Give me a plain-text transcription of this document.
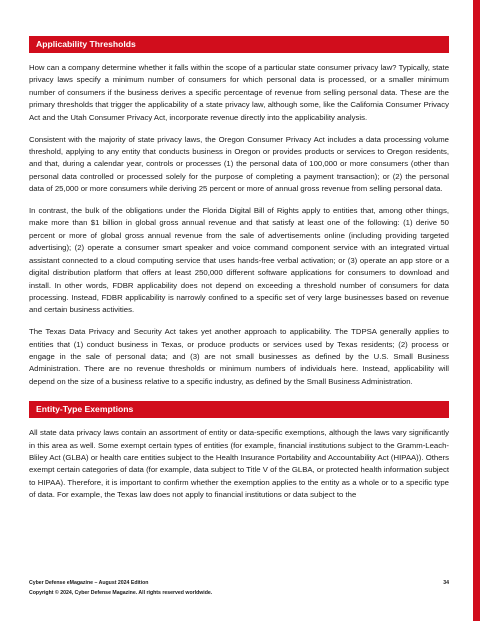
Applicability Thresholds

How can a company determine whether it falls within the scope of a particular state consumer privacy law? Typically, state privacy laws specify a minimum number of consumers for which personal data is processed, or a smaller minimum number of consumers if the business derives a specific percentage of revenue from selling personal data. These are the primary thresholds that trigger the applicability of a state privacy law, although some, like the California Consumer Privacy Act and the Utah Consumer Privacy Act, incorporate revenue directly into the applicability analysis.

Consistent with the majority of state privacy laws, the Oregon Consumer Privacy Act includes a data processing volume threshold, applying to any entity that conducts business in Oregon or provides products or services to Oregon residents, and that, during a calendar year, controls or processes (1) the personal data of 100,000 or more consumers (other than personal data controlled or processed solely for the purpose of completing a payment transaction); or (2) the personal data of 25,000 or more consumers while deriving 25 percent or more of annual gross revenue from selling personal data.

In contrast, the bulk of the obligations under the Florida Digital Bill of Rights apply to entities that, among other things, make more than $1 billion in global gross annual revenue and that satisfy at least one of the following: (1) derive 50 percent or more of global gross annual revenue from the sale of advertisements online (including providing targeted advertising); (2) operate a consumer smart speaker and voice command component service with an integrated virtual assistant connected to a cloud computing service that uses hands-free verbal activation; or (3) operate an app store or a digital distribution platform that offers at least 250,000 different software applications for consumers to download and install. In other words, FDBR applicability does not depend on exceeding a threshold number of consumers for data processing. Instead, FDBR applicability is narrowly confined to a specific set of very large businesses based on revenue and certain business activities.

The Texas Data Privacy and Security Act takes yet another approach to applicability. The TDPSA generally applies to entities that (1) conduct business in Texas, or produce products or services used by Texas residents; (2) process or engage in the sale of personal data; and (3) are not small businesses as defined by the U.S. Small Business Administration. There are no revenue thresholds or minimum numbers of individuals here. Instead, applicability will depend on the size of a business relative to a specific industry, as defined by the Small Business Administration.

Entity-Type Exemptions

All state data privacy laws contain an assortment of entity or data-specific exemptions, although the laws vary significantly in this area as well. Some exempt certain types of entities (for example, financial institutions subject to the Gramm-Leach-Bliley Act (GLBA) or health care entities subject to the Health Insurance Portability and Accountability Act (HIPAA)). Others exempt certain categories of data (for example, data subject to Title V of the GLBA, or protected health information subject to HIPAA). Therefore, it is important to confirm whether the exemption applies to the entity as a whole or to a specific type of data. For example, the Texas law does not apply to financial institutions or data subject to the

Cyber Defense eMagazine – August 2024 Edition	34
Copyright © 2024, Cyber Defense Magazine. All rights reserved worldwide.
